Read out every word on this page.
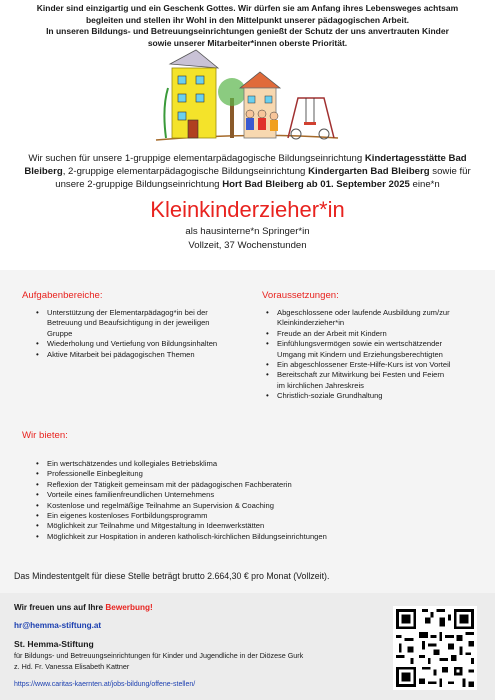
Kinder sind einzigartig und ein Geschenk Gottes. Wir dürfen sie am Anfang ihres Lebensweges achtsam
begleiten und stellen ihr Wohl in den Mittelpunkt unserer pädagogischen Arbeit.
In unseren Bildungs- und Betreuungseinrichtungen genießt der Schutz der uns anvertrauten Kinder
sowie unserer Mitarbeiter*innen oberste Priorität.
Wir suchen für unsere 1-gruppige elementarpädagogische Bildungseinrichtung Kindertagesstätte Bad Bleiberg, 2-gruppige elementarpädagogische Bildungseinrichtung Kindergarten Bad Bleiberg sowie für unsere 2-gruppige Bildungseinrichtung Hort Bad Bleiberg ab 01. September 2025 eine*n
Kleinkinderzieher*in
als hausinterne*n Springer*in
Vollzeit, 37 Wochenstunden
Aufgabenbereiche:
• Unterstützung der Elementarpädagog*in bei der
Betreuung und Beaufsichtigung in der jeweiligen
Gruppe
• Wiederholung und Vertiefung von Bildungsinhalten
• Aktive Mitarbeit bei pädagogischen Themen
Voraussetzungen:
• Abgeschlossene oder laufende Ausbildung zum/zur
Kleinkinderzieher*in
• Freude an der Arbeit mit Kindern
• Einfühlungsvermögen sowie ein wertschätzender
Umgang mit Kindern und Erziehungsberechtigten
• Ein abgeschlossener Erste-Hilfe-Kurs ist von Vorteil
• Bereitschaft zur Mitwirkung bei Festen und Feiern
im kirchlichen Jahreskreis
• Christlich-soziale Grundhaltung
Wir bieten:
• Ein wertschätzendes und kollegiales Betriebsklima
• Professionelle Einbegleitung
• Reflexion der Tätigkeit gemeinsam mit der pädagogischen Fachberaterin
• Vorteile eines familienfreundlichen Unternehmens
• Kostenlose und regelmäßige Teilnahme an Supervision & Coaching
• Ein eigenes kostenloses Fortbildungsprogramm
• Möglichkeit zur Teilnahme und Mitgestaltung in Ideenwerkstätten
• Möglichkeit zur Hospitation in anderen katholisch-kirchlichen Bildungseinrichtungen
Das Mindestentgelt für diese Stelle beträgt brutto 2.664,30 € pro Monat (Vollzeit).
Wir freuen uns auf Ihre Bewerbung!
hr@hemma-stiftung.at
St. Hemma-Stiftung
für Bildungs- und Betreuungseinrichtungen für Kinder und Jugendliche in der Diözese Gurk
z. Hd. Fr. Vanessa Elisabeth Kattner
https://www.caritas-kaernten.at/jobs-bildung/offene-stellen/
